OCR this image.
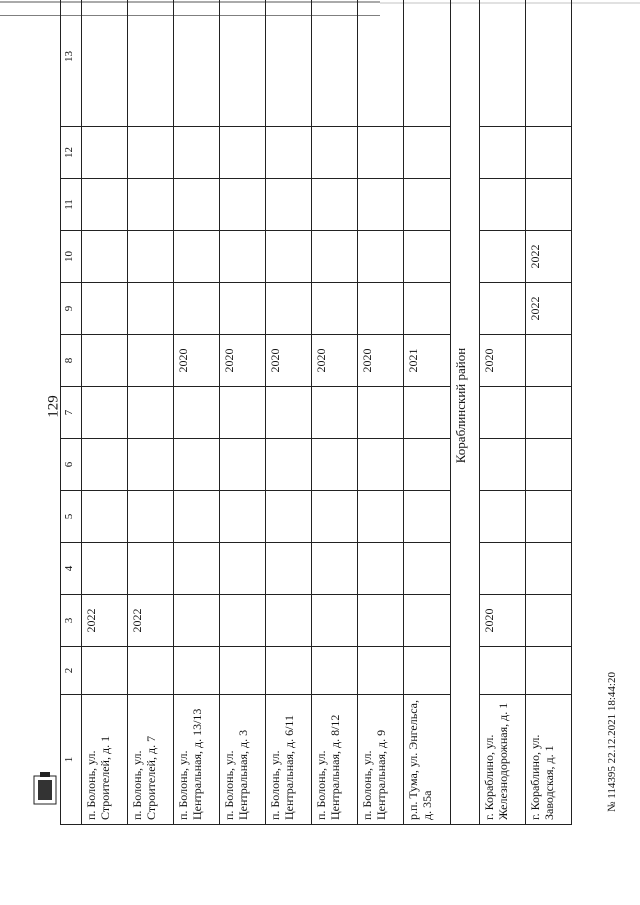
129
1	2	3	4	5	6	7	8	9	10	11	12	13
п. Болонь, ул. Строителей, д. 1		2022										
п. Болонь, ул. Строителей, д. 7		2022										
п. Болонь, ул. Центральная, д. 13/13							2020					
п. Болонь, ул. Центральная, д. 3							2020					
п. Болонь, ул. Центральная, д. 6/11							2020					
п. Болонь, ул. Центральная, д. 8/12							2020					
п. Болонь, ул. Центральная, д. 9							2020					
р.п. Тума, ул. Энгельса, д. 35а							2021					
Кораблинский район												
г. Кораблино, ул. Железнодорожная, д. 1		2020					2020					
г. Кораблино, ул. Заводская, д. 1								2022	2022			
№ 114395 22.12.2021 18:44:20
